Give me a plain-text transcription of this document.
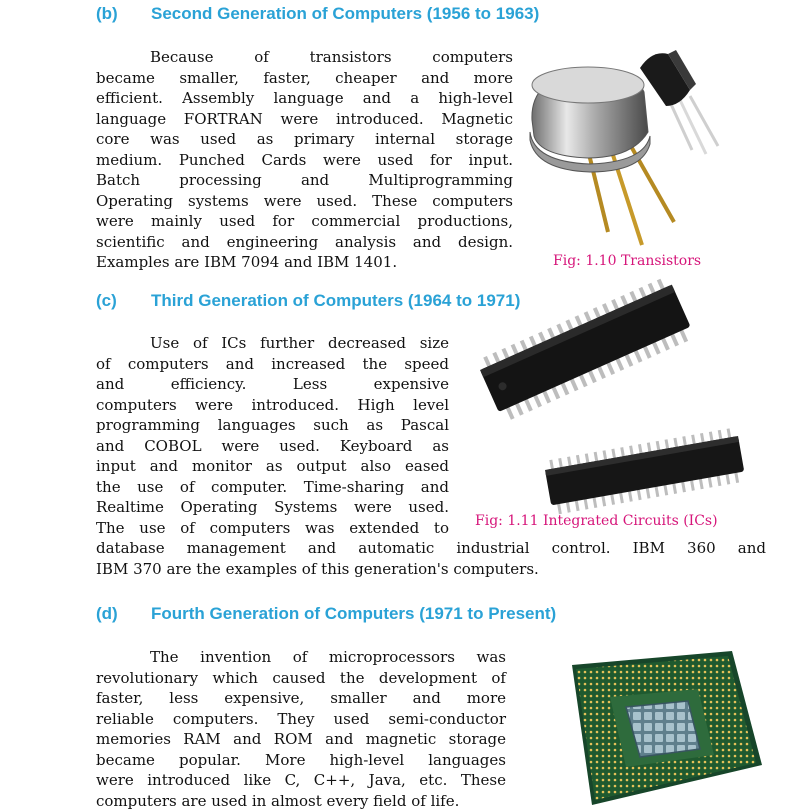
(b) Second Generation of Computers (1956 to 1963)
Because of transistors computers
became smaller, faster, cheaper and more
efficient. Assembly language and a high-level
language FORTRAN were introduced. Magnetic
core was used as primary internal storage
medium. Punched Cards were used for input.
Batch processing and Multiprogramming
Operating systems were used. These computers
were mainly used for commercial productions,
scientific and engineering analysis and design.
Examples are IBM 7094 and IBM 1401.	Fig: 1.10 Transistors
(c) Third Generation of Computers (1964 to 1971)
Use of ICs further decreased size
of computers and increased the speed
and efficiency. Less expensive
computers were introduced. High level
programming languages such as Pascal
and COBOL were used. Keyboard as
input and monitor as output also eased
the use of computer. Time-sharing and
Realtime Operating Systems were used.
The use of computers was extended to
database management and automatic industrial control. IBM 360 and
IBM 370 are the examples of this generation's computers.
Fig: 1.11 Integrated Circuits (ICs)
(d) Fourth Generation of Computers (1971 to Present)
The invention of microprocessors was
revolutionary which caused the development of
faster, less expensive, smaller and more
reliable computers. They used semi-conductor
memories RAM and ROM and magnetic storage
became popular. More high-level languages
were introduced like C, C++, Java, etc. These
computers are used in almost every field of life.
